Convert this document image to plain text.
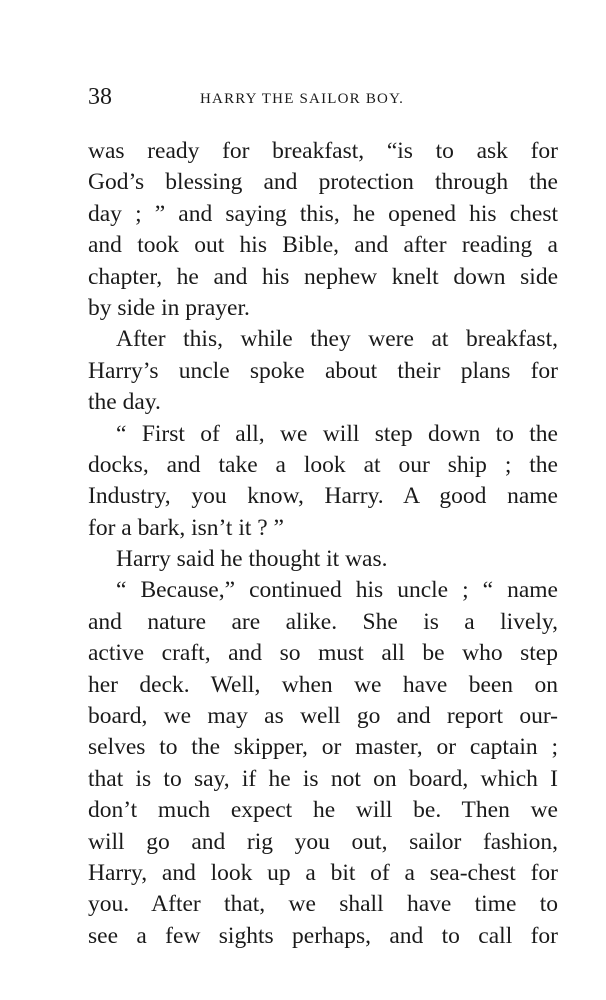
38	HARRY THE SAILOR BOY.
was ready for breakfast, “is to ask for
God’s blessing and protection through the
day ; ” and saying this, he opened his chest
and took out his Bible, and after reading a
chapter, he and his nephew knelt down side
by side in prayer.
After this, while they were at breakfast,
Harry’s uncle spoke about their plans for
the day.
“ First of all, we will step down to the
docks, and take a look at our ship ; the
Industry, you know, Harry. A good name
for a bark, isn’t it ? ”
Harry said he thought it was.
“ Because,” continued his uncle ; “ name
and nature are alike. She is a lively,
active craft, and so must all be who step
her deck. Well, when we have been on
board, we may as well go and report our-
selves to the skipper, or master, or captain ;
that is to say, if he is not on board, which I
don’t much expect he will be. Then we
will go and rig you out, sailor fashion,
Harry, and look up a bit of a sea-chest for
you. After that, we shall have time to
see a few sights perhaps, and to call for
